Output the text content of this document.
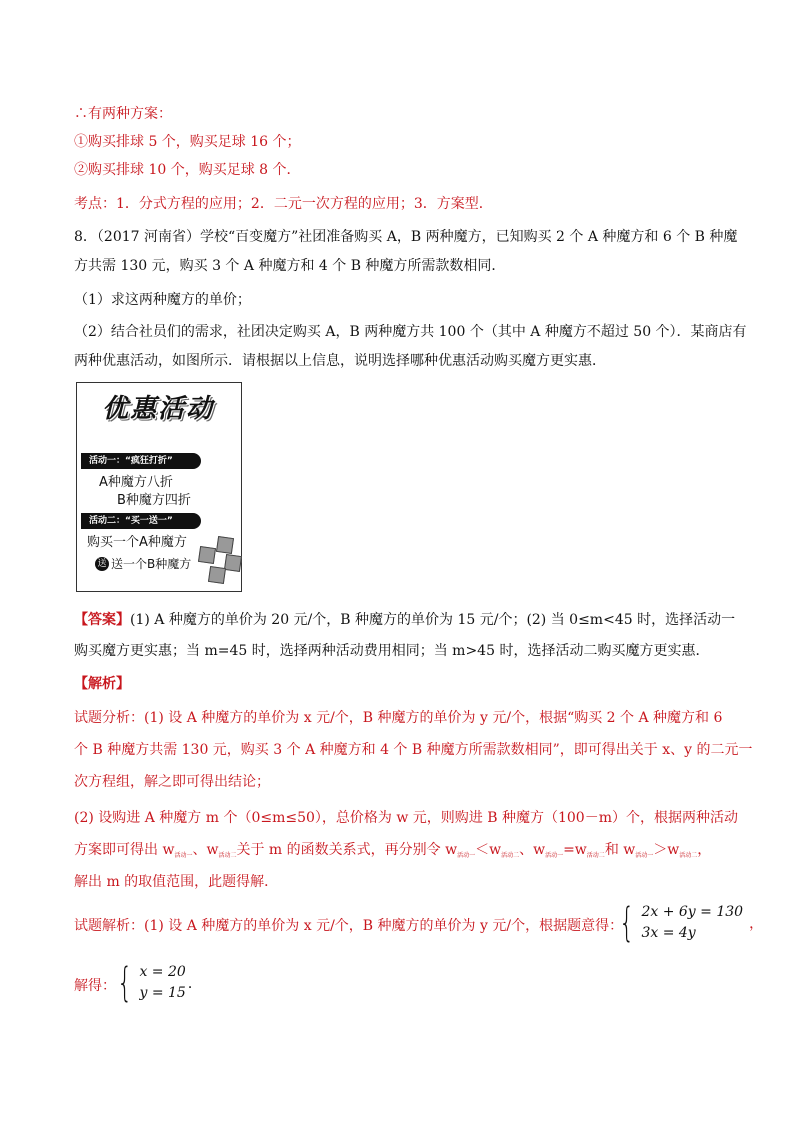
∴有两种方案：
①购买排球 5 个，购买足球 16 个；
②购买排球 10 个，购买足球 8 个．
考点：1．分式方程的应用；2．二元一次方程的应用；3．方案型．
8．（2017 河南省）学校“百变魔方”社团准备购买 A，B 两种魔方，已知购买 2 个 A 种魔方和 6 个 B 种魔
方共需 130 元，购买 3 个 A 种魔方和 4 个 B 种魔方所需款数相同．
（1）求这两种魔方的单价；
（2）结合社员们的需求，社团决定购买 A，B 两种魔方共 100 个（其中 A 种魔方不超过 50 个）．某商店有
两种优惠活动，如图所示．请根据以上信息，说明选择哪种优惠活动购买魔方更实惠．
优惠活动
活动一：“疯狂打折”
A种魔方八折
B种魔方四折
活动二：“买一送一”
购买一个A种魔方
送 送一个B种魔方
【答案】(1) A 种魔方的单价为 20 元/个，B 种魔方的单价为 15 元/个；(2) 当 0≤m<45 时，选择活动一
购买魔方更实惠；当 m=45 时，选择两种活动费用相同；当 m>45 时，选择活动二购买魔方更实惠．
【解析】
试题分析：(1) 设 A 种魔方的单价为 x 元/个，B 种魔方的单价为 y 元/个，根据“购买 2 个 A 种魔方和 6
个 B 种魔方共需 130 元，购买 3 个 A 种魔方和 4 个 B 种魔方所需款数相同”，即可得出关于 x、y 的二元一
次方程组，解之即可得出结论；
(2) 设购进 A 种魔方 m 个（0≤m≤50），总价格为 w 元，则购进 B 种魔方（100－m）个，根据两种活动
方案即可得出 $w_{活动一}$、$w_{活动二}$关于 m 的函数关系式，再分别令 $w_{活动一}<w_{活动二}$、$w_{活动一}=w_{活动二}$和 $w_{活动一}>w_{活动二}$，
解出 m 的取值范围，此题得解．
试题解析：(1) 设 A 种魔方的单价为 x 元/个，B 种魔方的单价为 y 元/个，根据题意得：
{ 2x + 6y = 130
3x = 4y
，
解得： { x = 20
y = 15
．
